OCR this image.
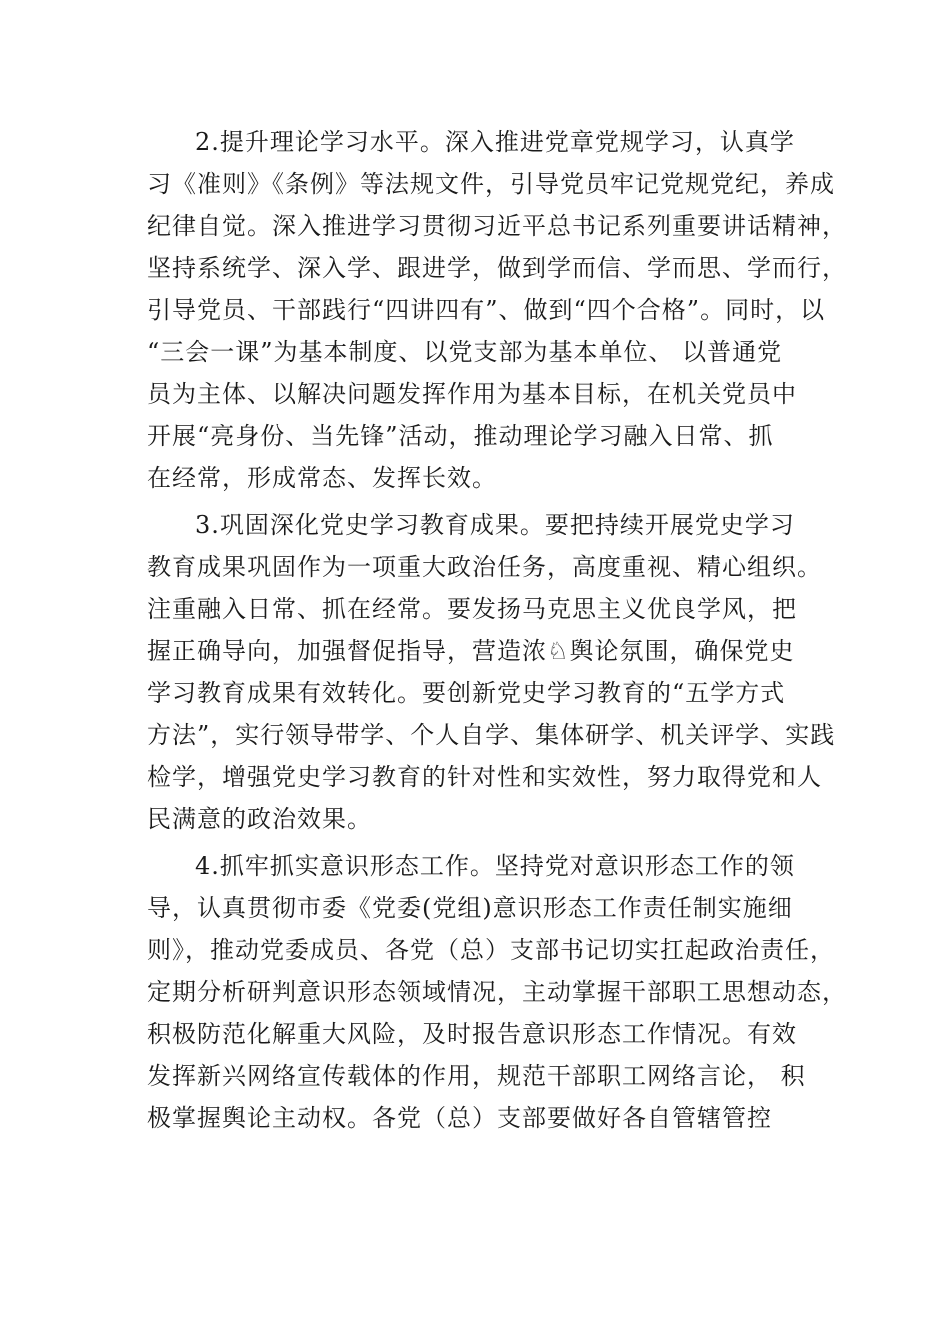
2.提升理论学习水平。深入推进党章党规学习，认真学
习《准则》《条例》等法规文件，引导党员牢记党规党纪，养成
纪律自觉。深入推进学习贯彻习近平总书记系列重要讲话精神，
坚持系统学、深入学、跟进学，做到学而信、学而思、学而行，
引导党员、干部践行“四讲四有”、做到“四个合格”。同时，以
“三会一课”为基本制度、以党支部为基本单位、 以普通党
员为主体、以解决问题发挥作用为基本目标，在机关党员中
开展“亮身份、当先锋”活动，推动理论学习融入日常、抓
在经常，形成常态、发挥长效。
3.巩固深化党史学习教育成果。要把持续开展党史学习
教育成果巩固作为一项重大政治任务，高度重视、精心组织。
注重融入日常、抓在经常。要发扬马克思主义优良学风，把
握正确导向，加强督促指导，营造浓♘舆论氛围，确保党史
学习教育成果有效转化。要创新党史学习教育的“五学方式
方法”，实行领导带学、个人自学、集体研学、机关评学、实践
检学，增强党史学习教育的针对性和实效性，努力取得党和人
民满意的政治效果。
4.抓牢抓实意识形态工作。坚持党对意识形态工作的领
导，认真贯彻市委《党委(党组)意识形态工作责任制实施细
则》，推动党委成员、各党（总）支部书记切实扛起政治责任，
定期分析研判意识形态领域情况，主动掌握干部职工思想动态，
积极防范化解重大风险，及时报告意识形态工作情况。有效
发挥新兴网络宣传载体的作用，规范干部职工网络言论， 积
极掌握舆论主动权。各党（总）支部要做好各自管辖管控
